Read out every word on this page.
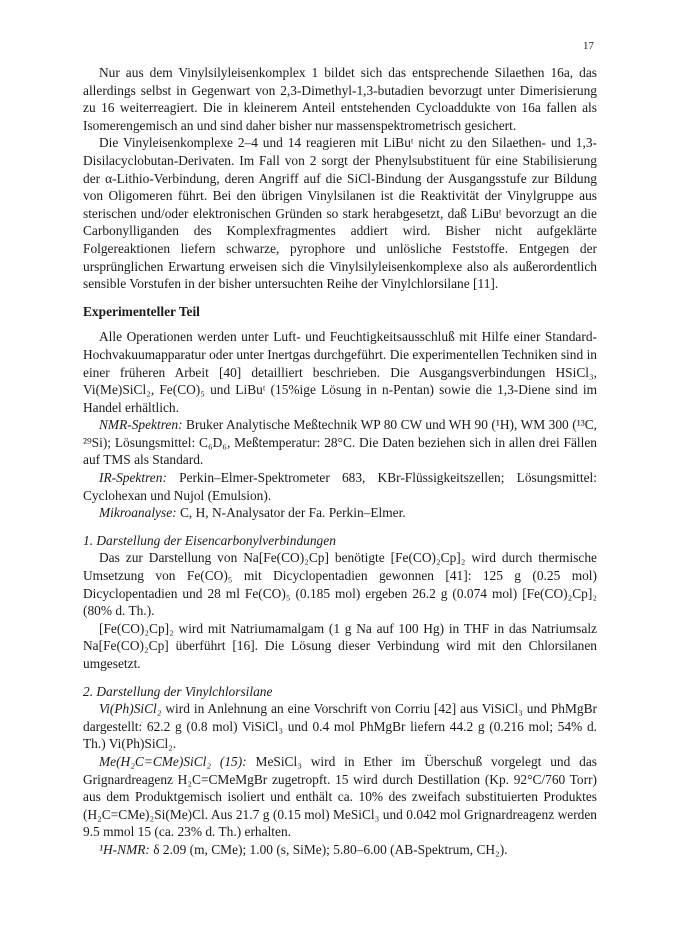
17

Nur aus dem Vinylsilyleisenkomplex 1 bildet sich das entsprechende Silaethen 16a, das allerdings selbst in Gegenwart von 2,3-Dimethyl-1,3-butadien bevorzugt unter Dimerisierung zu 16 weiterreagiert. Die in kleinerem Anteil entstehenden Cycloaddukte von 16a fallen als Isomerengemisch an und sind daher bisher nur massenspektrometrisch gesichert.

Die Vinyleisenkomplexe 2–4 und 14 reagieren mit LiBuᵗ nicht zu den Silaethen- und 1,3-Disilacyclobutan-Derivaten. Im Fall von 2 sorgt der Phenylsubstituent für eine Stabilisierung der α-Lithio-Verbindung, deren Angriff auf die SiCl-Bindung der Ausgangsstufe zur Bildung von Oligomeren führt. Bei den übrigen Vinylsilanen ist die Reaktivität der Vinylgruppe aus sterischen und/oder elektronischen Gründen so stark herabgesetzt, daß LiBuᵗ bevorzugt an die Carbonylliganden des Komplexfragmentes addiert wird. Bisher nicht aufgeklärte Folgereaktionen liefern schwarze, pyrophore und unlösliche Feststoffe. Entgegen der ursprünglichen Erwartung erweisen sich die Vinylsilyleisenkomplexe also als außerordentlich sensible Vorstufen in der bisher untersuchten Reihe der Vinylchlorsilane [11].

Experimenteller Teil

Alle Operationen werden unter Luft- und Feuchtigkeitsausschluß mit Hilfe einer Standard-Hochvakuumapparatur oder unter Inertgas durchgeführt. Die experimentellen Techniken sind in einer früheren Arbeit [40] detailliert beschrieben. Die Ausgangsverbindungen HSiCl₃, Vi(Me)SiCl₂, Fe(CO)₅ und LiBuᵗ (15%ige Lösung in n-Pentan) sowie die 1,3-Diene sind im Handel erhältlich.

NMR-Spektren: Bruker Analytische Meßtechnik WP 80 CW und WH 90 (¹H), WM 300 (¹³C, ²⁹Si); Lösungsmittel: C₆D₆, Meßtemperatur: 28°C. Die Daten beziehen sich in allen drei Fällen auf TMS als Standard.

IR-Spektren: Perkin–Elmer-Spektrometer 683, KBr-Flüssigkeitszellen; Lösungsmittel: Cyclohexan und Nujol (Emulsion).

Mikroanalyse: C, H, N-Analysator der Fa. Perkin–Elmer.

1. Darstellung der Eisencarbonylverbindungen

Das zur Darstellung von Na[Fe(CO)₂Cp] benötigte [Fe(CO)₂Cp]₂ wird durch thermische Umsetzung von Fe(CO)₅ mit Dicyclopentadien gewonnen [41]: 125 g (0.25 mol) Dicyclopentadien und 28 ml Fe(CO)₅ (0.185 mol) ergeben 26.2 g (0.074 mol) [Fe(CO)₂Cp]₂ (80% d. Th.).

[Fe(CO)₂Cp]₂ wird mit Natriumamalgam (1 g Na auf 100 Hg) in THF in das Natriumsalz Na[Fe(CO)₂Cp] überführt [16]. Die Lösung dieser Verbindung wird mit den Chlorsilanen umgesetzt.

2. Darstellung der Vinylchlorsilane

Vi(Ph)SiCl₂ wird in Anlehnung an eine Vorschrift von Corriu [42] aus ViSiCl₃ und PhMgBr dargestellt: 62.2 g (0.8 mol) ViSiCl₃ und 0.4 mol PhMgBr liefern 44.2 g (0.216 mol; 54% d. Th.) Vi(Ph)SiCl₂.

Me(H₂C=CMe)SiCl₂ (15): MeSiCl₃ wird in Ether im Überschuß vorgelegt und das Grignardreagenz H₂C=CMeMgBr zugetropft. 15 wird durch Destillation (Kp. 92°C/760 Torr) aus dem Produktgemisch isoliert und enthält ca. 10% des zweifach substituierten Produktes (H₂C=CMe)₂Si(Me)Cl. Aus 21.7 g (0.15 mol) MeSiCl₃ und 0.042 mol Grignardreagenz werden 9.5 mmol 15 (ca. 23% d. Th.) erhalten.

¹H-NMR: δ 2.09 (m, CMe); 1.00 (s, SiMe); 5.80–6.00 (AB-Spektrum, CH₂).
